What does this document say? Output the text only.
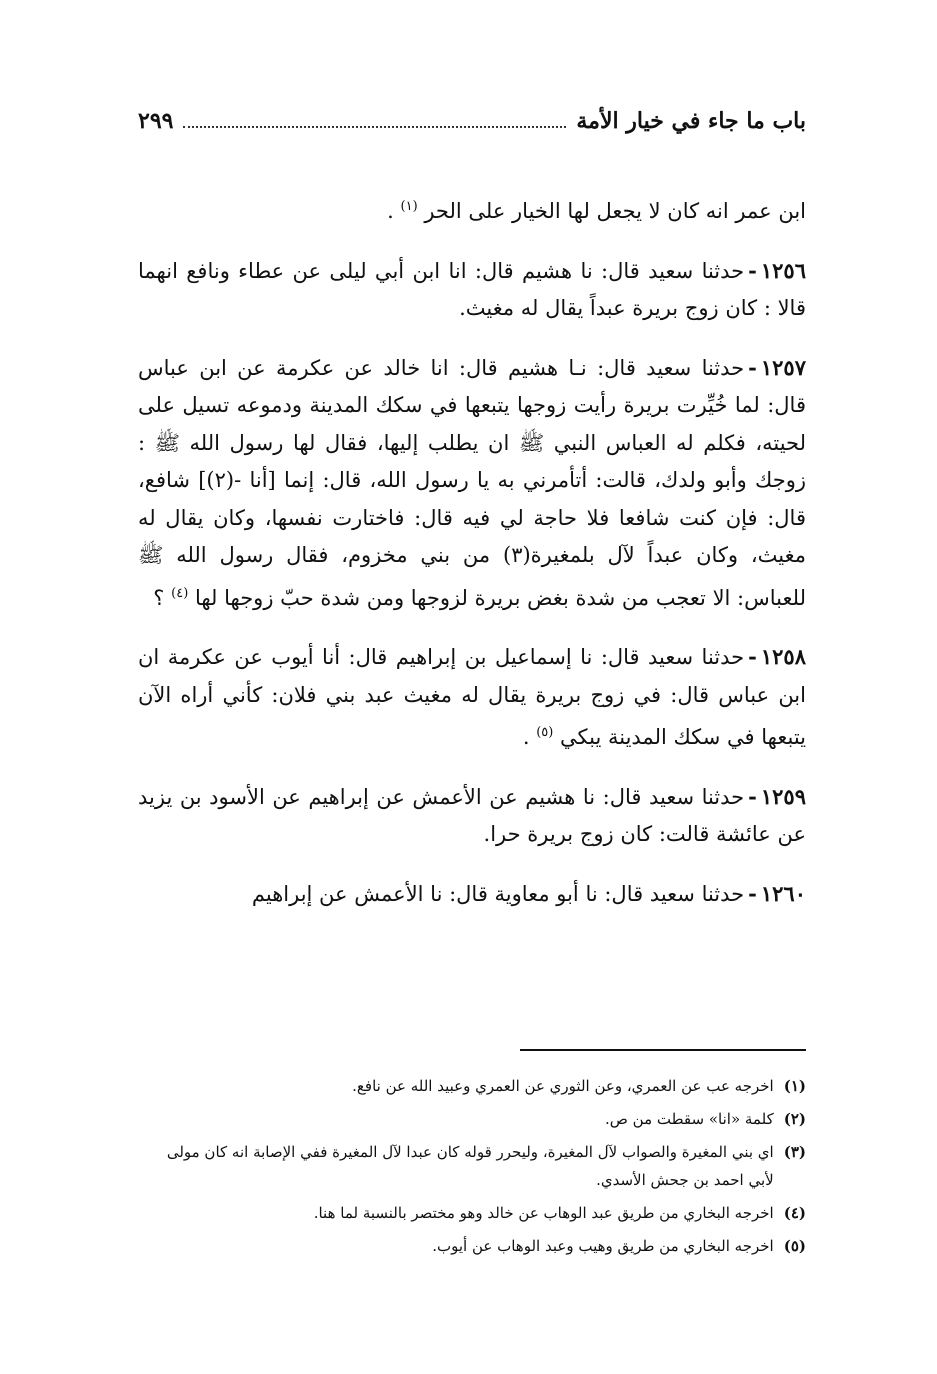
٢٩٩	باب ما جاء في خيار الأمة

ابن عمر انه كان لا يجعل لها الخيار على الحر $^{(١)}$ .

١٢٥٦-حدثنا سعيد قال: نا هشيم قال: انا ابن أبي ليلى عن عطاء ونافع انهما قالا : كان زوج بريرة عبداً يقال له مغيث.

١٢٥٧-حدثنا سعيد قال: نـا هشيم قال: انا خالد عن عكرمة عن ابن عباس قال: لما خُيِّرت بريرة رأيت زوجها يتبعها في سكك المدينة ودموعه تسيل على لحيته، فكلم له العباس النبي ﷺ ان يطلب إليها، فقال لها رسول الله ﷺ : زوجك وأبو ولدك، قالت: أتأمرني به يا رسول الله، قال: إنما [أنا -(٢)] شافع، قال: فإن كنت شافعا فلا حاجة لي فيه قال: فاختارت نفسها، وكان يقال له مغيث، وكان عبداً لآل بلمغيرة(٣) من بني مخزوم، فقال رسول الله ﷺ للعباس: الا تعجب من شدة بغض بريرة لزوجها ومن شدة حبّ زوجها لها $^{(٤)}$ ؟

١٢٥٨-حدثنا سعيد قال: نا إسماعيل بن إبراهيم قال: أنا أيوب عن عكرمة ان ابن عباس قال: في زوج بريرة يقال له مغيث عبد بني فلان: كأني أراه الآن يتبعها في سكك المدينة يبكي $^{(٥)}$ .

١٢٥٩-حدثنا سعيد قال: نا هشيم عن الأعمش عن إبراهيم عن الأسود بن يزيد عن عائشة قالت: كان زوج بريرة حرا.

١٢٦٠-حدثنا سعيد قال: نا أبو معاوية قال: نا الأعمش عن إبراهيم

(١)
اخرجه عب عن العمري، وعن الثوري عن العمري وعبيد الله عن نافع.
(٢)
كلمة «انا» سقطت من ص.
(٣)
اي بني المغيرة والصواب لآل المغيرة، وليحرر قوله كان عبدا لآل المغيرة ففي الإصابة انه كان مولى لأبي احمد بن جحش الأسدي.
(٤)
اخرجه البخاري من طريق عبد الوهاب عن خالد وهو مختصر بالنسبة لما هنا.
(٥)
اخرجه البخاري من طريق وهيب وعبد الوهاب عن أيوب.
